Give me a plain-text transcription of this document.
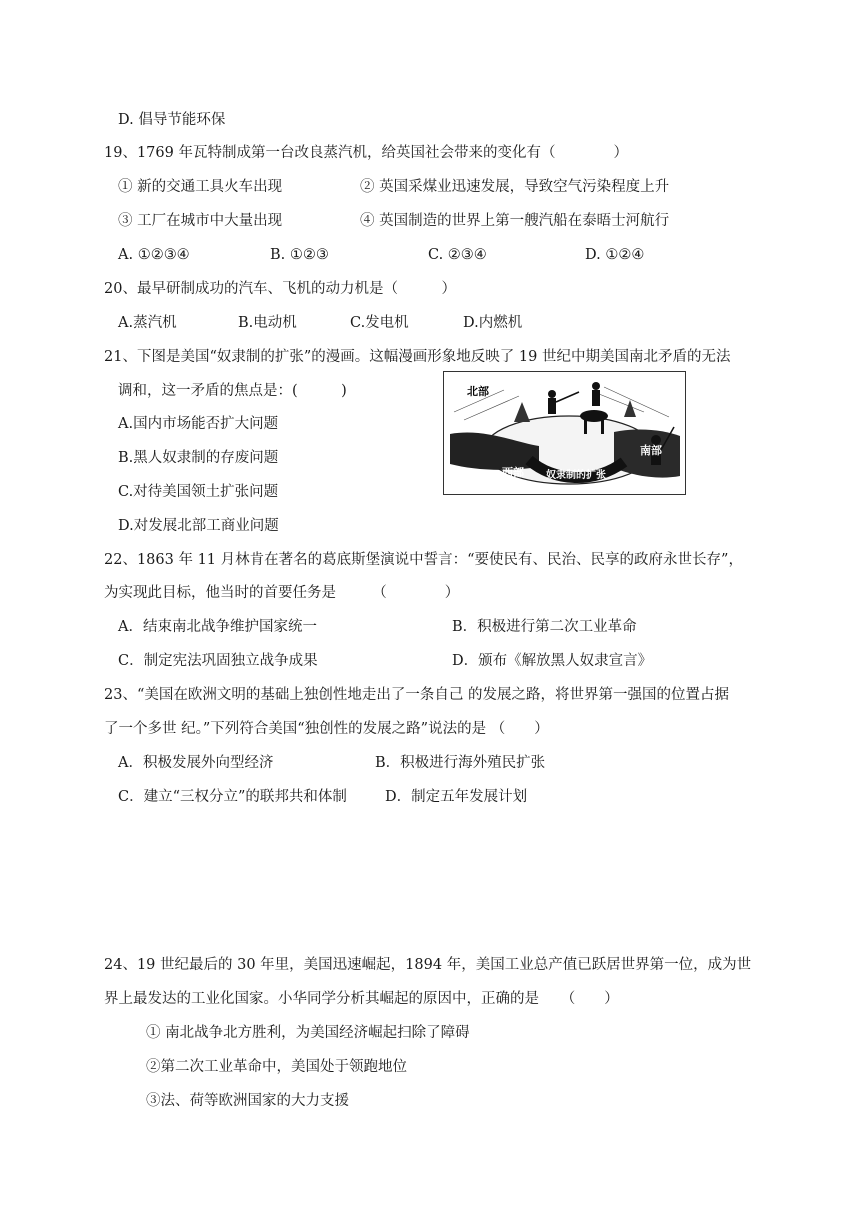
D. 倡导节能环保
19、1769 年瓦特制成第一台改良蒸汽机，给英国社会带来的变化有（　　　　）
① 新的交通工具火车出现	② 英国采煤业迅速发展，导致空气污染程度上升
③ 工厂在城市中大量出现	④ 英国制造的世界上第一艘汽船在泰晤士河航行
A. ①②③④	B. ①②③	C. ②③④	D. ①②④
20、最早研制成功的汽车、飞机的动力机是（　　　）
A.蒸汽机	B.电动机	C.发电机	D.内燃机
21、下图是美国“奴隶制的扩张”的漫画。这幅漫画形象地反映了 19 世纪中期美国南北矛盾的无法
调和，这一矛盾的焦点是：(　　　)
A.国内市场能否扩大问题
B.黑人奴隶制的存废问题
C.对待美国领土扩张问题
D.对发展北部工商业问题
北部
南部
西部 奴隶制的扩张
22、1863 年 11 月林肯在著名的葛底斯堡演说中誓言：“要使民有、民治、民享的政府永世长存”，
为实现此目标，他当时的首要任务是　　　（　　　　）
A．结束南北战争维护国家统一	B．积极进行第二次工业革命
C．制定宪法巩固独立战争成果	D．颁布《解放黑人奴隶宣言》
23、“美国在欧洲文明的基础上独创性地走出了一条自己 的发展之路，将世界第一强国的位置占据
了一个多世 纪。”下列符合美国“独创性的发展之路”说法的是 （　　）
A．积极发展外向型经济	B．积极进行海外殖民扩张
C．建立“三权分立”的联邦共和体制	D．制定五年发展计划
24、19 世纪最后的 30 年里，美国迅速崛起，1894 年，美国工业总产值已跃居世界第一位，成为世
界上最发达的工业化国家。小华同学分析其崛起的原因中，正确的是　　（　　）
① 南北战争北方胜利，为美国经济崛起扫除了障碍
②第二次工业革命中，美国处于领跑地位
③法、荷等欧洲国家的大力支援
